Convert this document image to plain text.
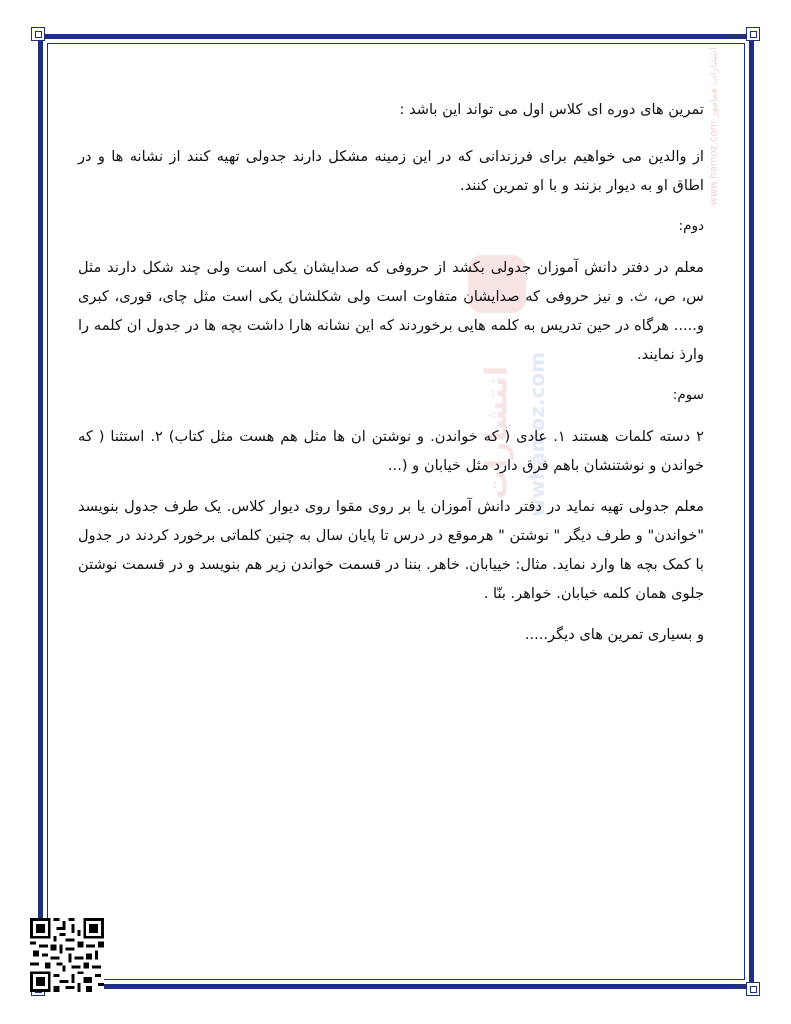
انتشارات wwhamoz.com
www.hamoz.com انتشارات هماموز

تمرین های دوره ای کلاس اول می تواند این باشد :

از والدین می خواهیم برای فرزندانی که در این زمینه مشکل دارند جدولی تهیه کنند از نشانه ها و در اطاق او به دیوار بزنند و با او تمرین کنند.

دوم:

معلم در دفتر دانش آموزان جدولی بکشد از حروفی که صدایشان یکی است ولی چند شکل دارند مثل س، ص، ث. و نیز حروفی که صدایشان متفاوت است ولی شکلشان یکی است مثل چای، قوری، کبری و..... هرگاه در حین تدریس به کلمه هایی برخوردند که این نشانه هارا داشت بچه ها در جدول ان کلمه را وارذ نمایند.

سوم:

۲ دسته کلمات هستند ۱. عادی ( که خواندن. و نوشتن ان ها مثل هم هست مثل کتاب) ۲. استثنا ( که خواندن و نوشتنشان باهم فرق دارد مثل خیابان و (...

معلم جدولی تهیه نماید در دفتر دانش آموزان یا بر روی مقوا روی دیوار کلاس. یک طرف جدول بنویسد "خواندن" و طرف دیگر " نوشتن " هرموقع در درس تا پایان سال به چنین کلماتی برخورد کردند در جدول با کمک بچه ها وارد نماید. مثال: خییابان. خاهر. بننا در قسمت خواندن زیر هم بنویسد و در قسمت نوشتن جلوی همان کلمه خیابان. خواهر. بنّا .

و بسیاری تمرین های دیگر.....
